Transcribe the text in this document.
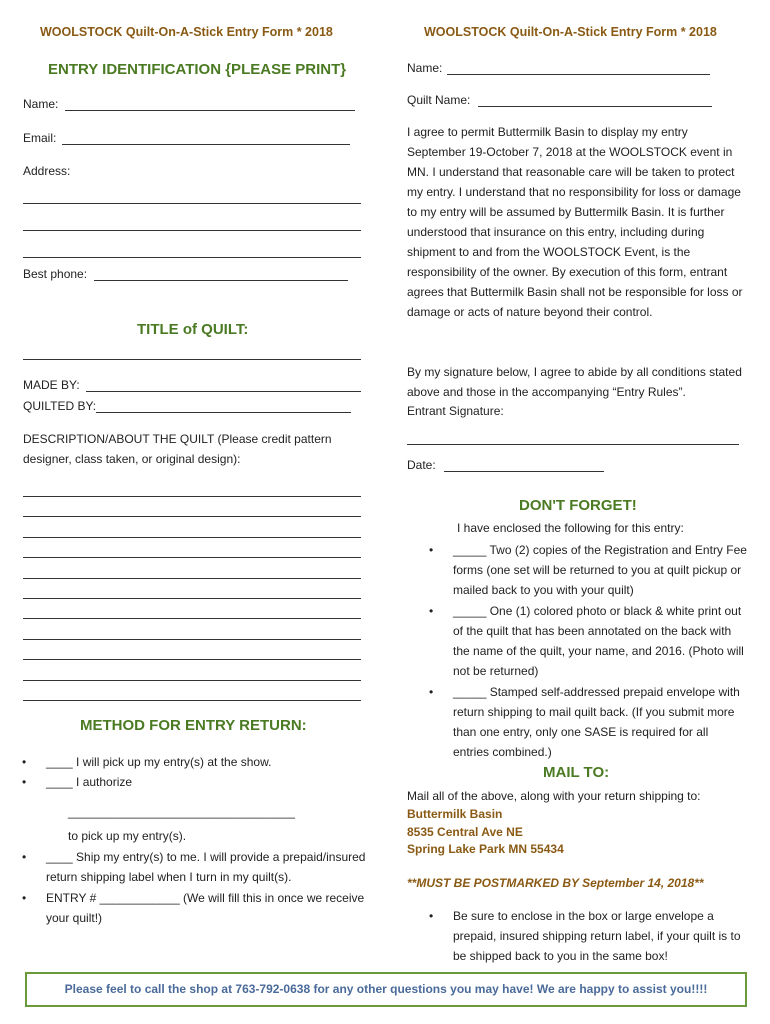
WOOLSTOCK Quilt-On-A-Stick Entry Form * 2018
ENTRY IDENTIFICATION {PLEASE PRINT}
Name:
Email:
Address:
Best phone:
TITLE of QUILT:
MADE BY:
QUILTED BY:
DESCRIPTION/ABOUT THE QUILT (Please credit pattern designer, class taken, or original design):
METHOD FOR ENTRY RETURN:
• ____ I will pick up my entry(s) at the show.
• ____ I authorize
__________________________________
to pick up my entry(s).
• ____ Ship my entry(s) to me. I will provide a prepaid/insured return shipping label when I turn in my quilt(s).
• ENTRY # ____________ (We will fill this in once we receive your quilt!)
WOOLSTOCK Quilt-On-A-Stick Entry Form * 2018
Name:
Quilt Name:
I agree to permit Buttermilk Basin to display my entry September 19-October 7, 2018 at the WOOLSTOCK event in MN. I understand that reasonable care will be taken to protect my entry. I understand that no responsibility for loss or damage to my entry will be assumed by Buttermilk Basin. It is further understood that insurance on this entry, including during shipment to and from the WOOLSTOCK Event, is the responsibility of the owner. By execution of this form, entrant agrees that Buttermilk Basin shall not be responsible for loss or damage or acts of nature beyond their control.
By my signature below, I agree to abide by all conditions stated above and those in the accompanying “Entry Rules”.
Entrant Signature:
Date:
DON'T FORGET!
I have enclosed the following for this entry:
• _____ Two (2) copies of the Registration and Entry Fee forms (one set will be returned to you at quilt pickup or mailed back to you with your quilt)
• _____ One (1) colored photo or black & white print out of the quilt that has been annotated on the back with the name of the quilt, your name, and 2016. (Photo will not be returned)
• _____ Stamped self-addressed prepaid envelope with return shipping to mail quilt back. (If you submit more than one entry, only one SASE is required for all entries combined.)
MAIL TO:
Mail all of the above, along with your return shipping to:
Buttermilk Basin
8535 Central Ave NE
Spring Lake Park MN 55434
**MUST BE POSTMARKED BY September 14, 2018**
• Be sure to enclose in the box or large envelope a prepaid, insured shipping return label, if your quilt is to be shipped back to you in the same box!
Please feel to call the shop at 763-792-0638 for any other questions you may have! We are happy to assist you!!!!
